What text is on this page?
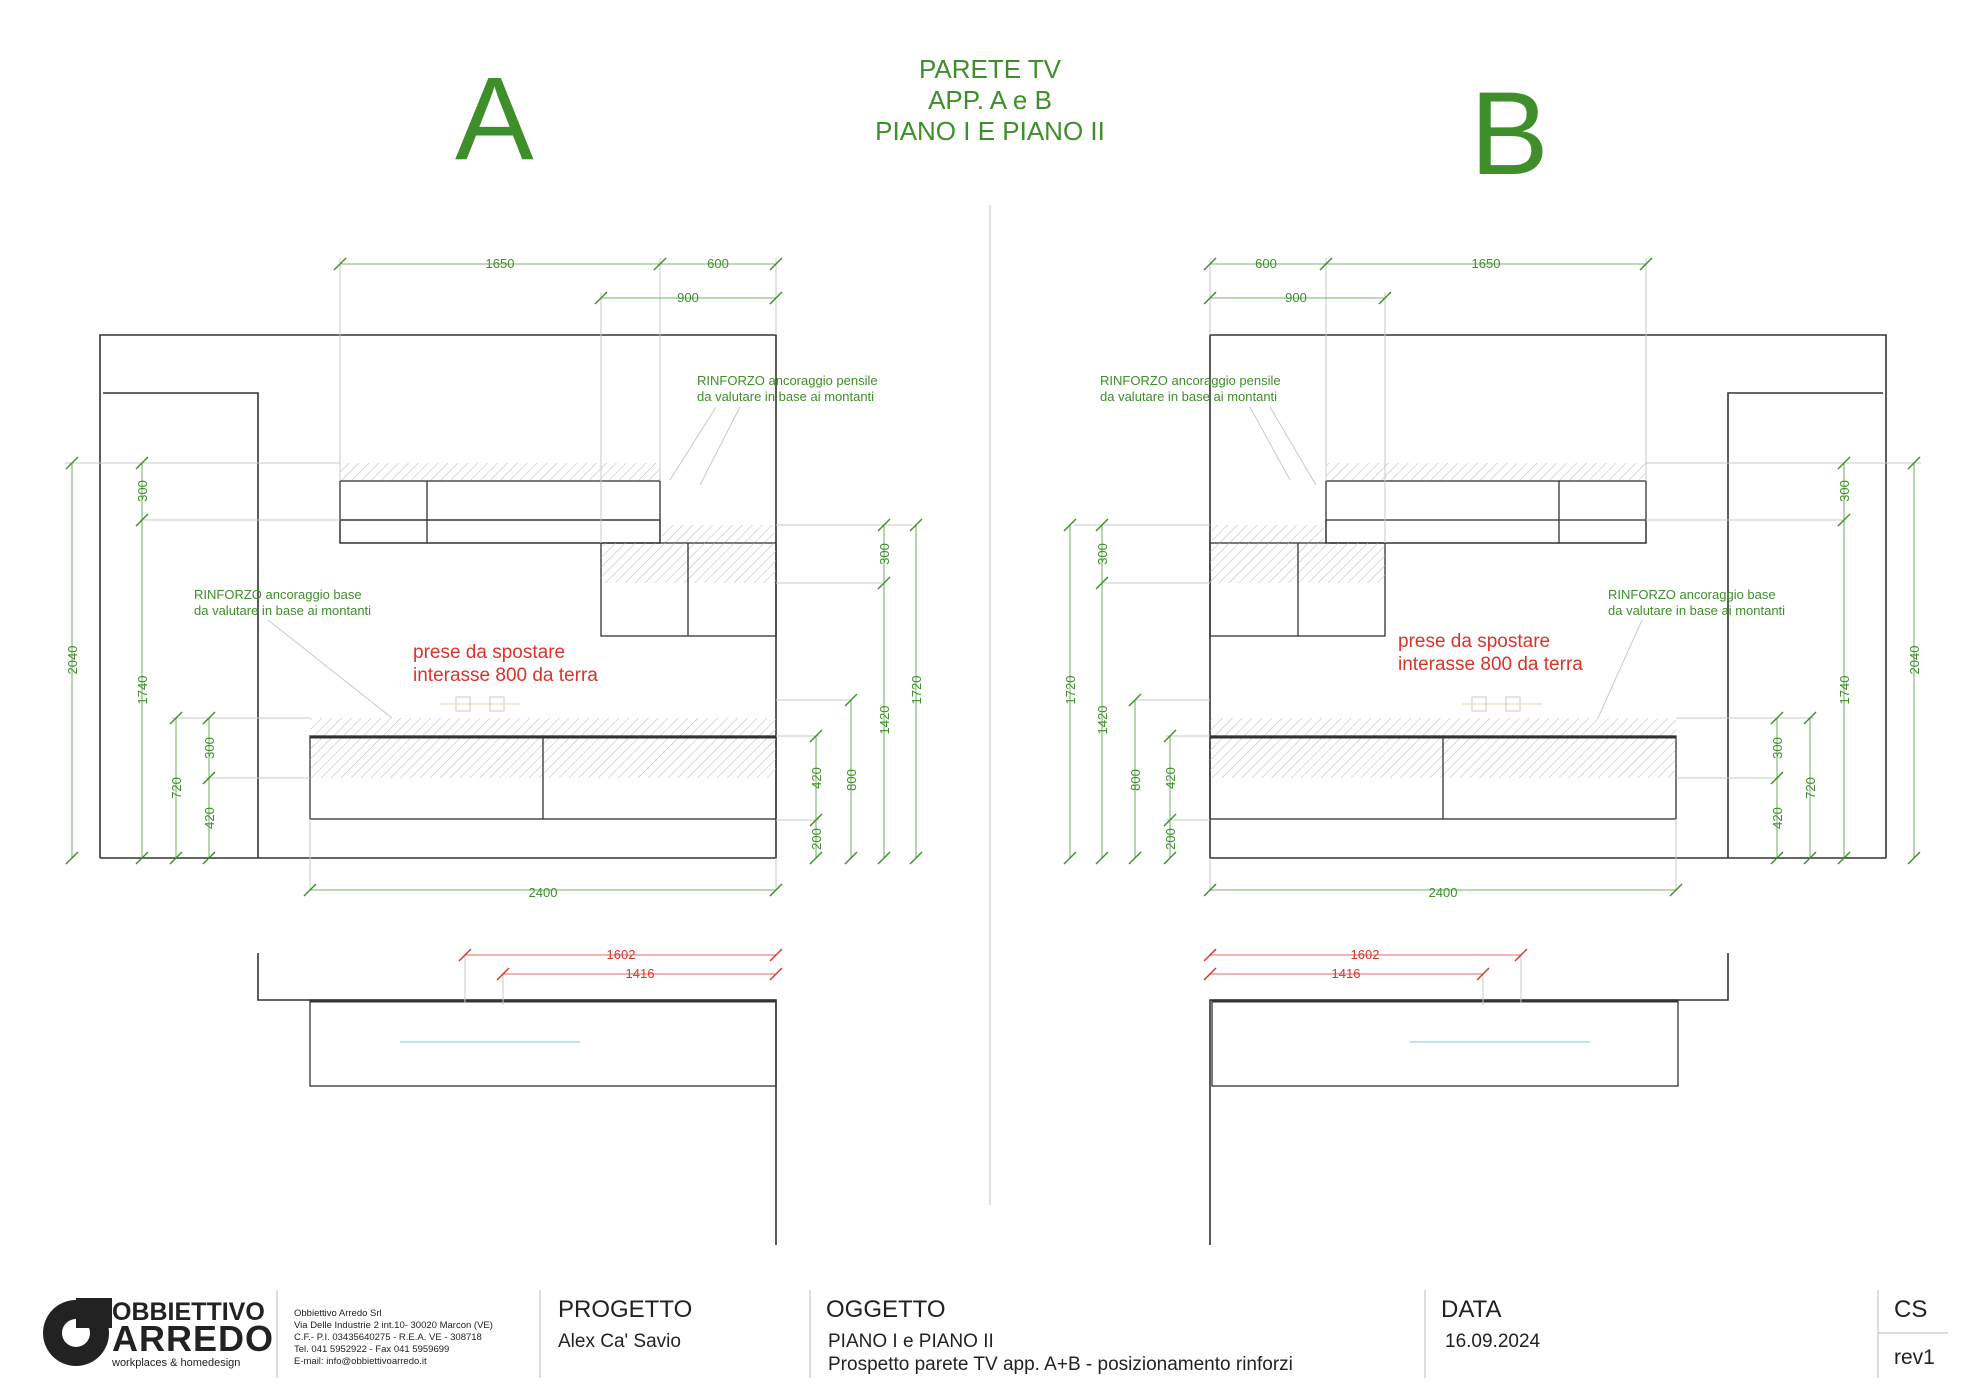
1650	600
900
2040
1740
300
720
300
420
300
1720
1420
800
420
200
2400
RINFORZO ancoraggio pensile
da valutare in base ai montanti
RINFORZO ancoraggio base
da valutare in base ai montanti
prese da spostare
interasse 800 da terra
1602
1416
1650
600
900
2040
1740
300
720
300
420
300
1720
1420
800 420
200
2400
RINFORZO ancoraggio pensile
da valutare in base ai montanti
RINFORZO ancoraggio base
da valutare in base ai montanti
prese da spostare
interasse 800 da terra
1602
1416
PARETE TV
APP. A e B
PIANO I E PIANO II
A	B
OBBIETTIVO
ARREDO
workplaces & homedesign
Obbiettivo Arredo Srl
Via Delle Industrie 2 int.10- 30020 Marcon (VE)
C.F.- P.I. 03435640275 - R.E.A. VE - 308718
Tel. 041 5952922 - Fax 041 5959699
E-mail: info@obbiettivoarredo.it
PROGETTO
Alex Ca' Savio
OGGETTO
PIANO I e PIANO II
Prospetto parete TV app. A+B - posizionamento rinforzi
DATA
16.09.2024
CS
rev1
